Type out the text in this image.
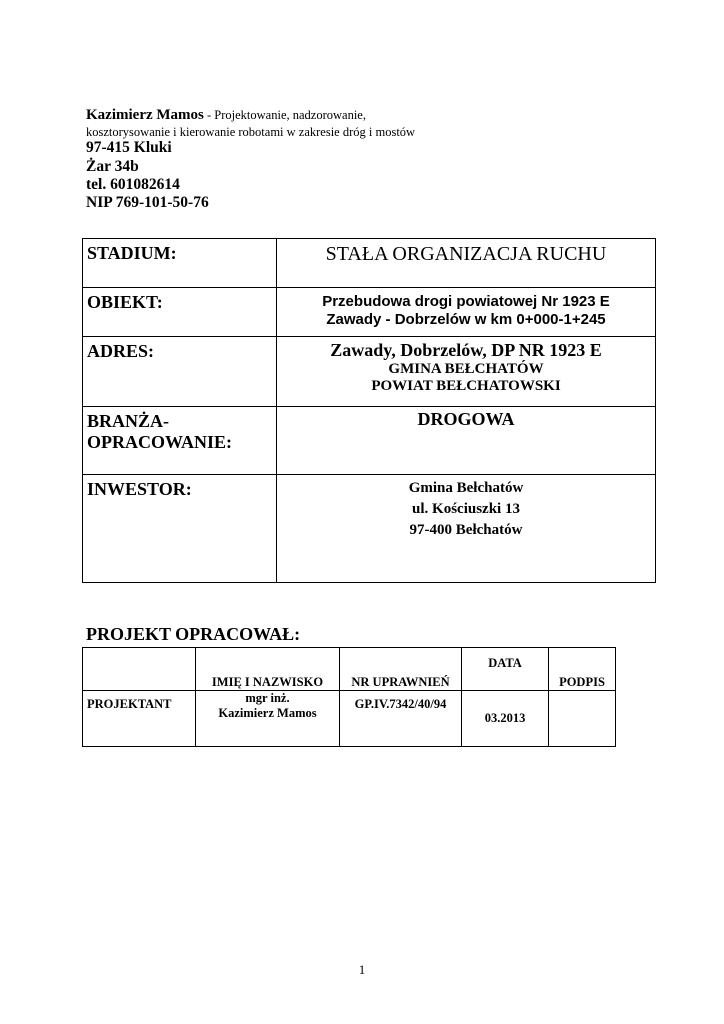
Kazimierz Mamos - Projektowanie, nadzorowanie,
kosztorysowanie i kierowanie robotami w zakresie dróg i mostów
97-415 Kluki
Żar 34b
tel. 601082614
NIP 769-101-50-76
STADIUM:	STAŁA ORGANIZACJA RUCHU

OBIEKT:	Przebudowa drogi powiatowej Nr 1923 E
Zawady - Dobrzelów w km 0+000-1+245

ADRES:	Zawady, Dobrzelów, DP NR 1923 E
GMINA BEŁCHATÓW
POWIAT BEŁCHATOWSKI

BRANŻA-
OPRACOWANIE:	DROGOWA

INWESTOR:	Gmina Bełchatów
ul. Kościuszki 13
97-400 Bełchatów
PROJEKT OPRACOWAŁ:
	IMIĘ I NAZWISKO	NR UPRAWNIEŃ	DATA	PODPIS
PROJEKTANT	mgr inż.
Kazimierz Mamos	GP.IV.7342/40/94	03.2013	
1
